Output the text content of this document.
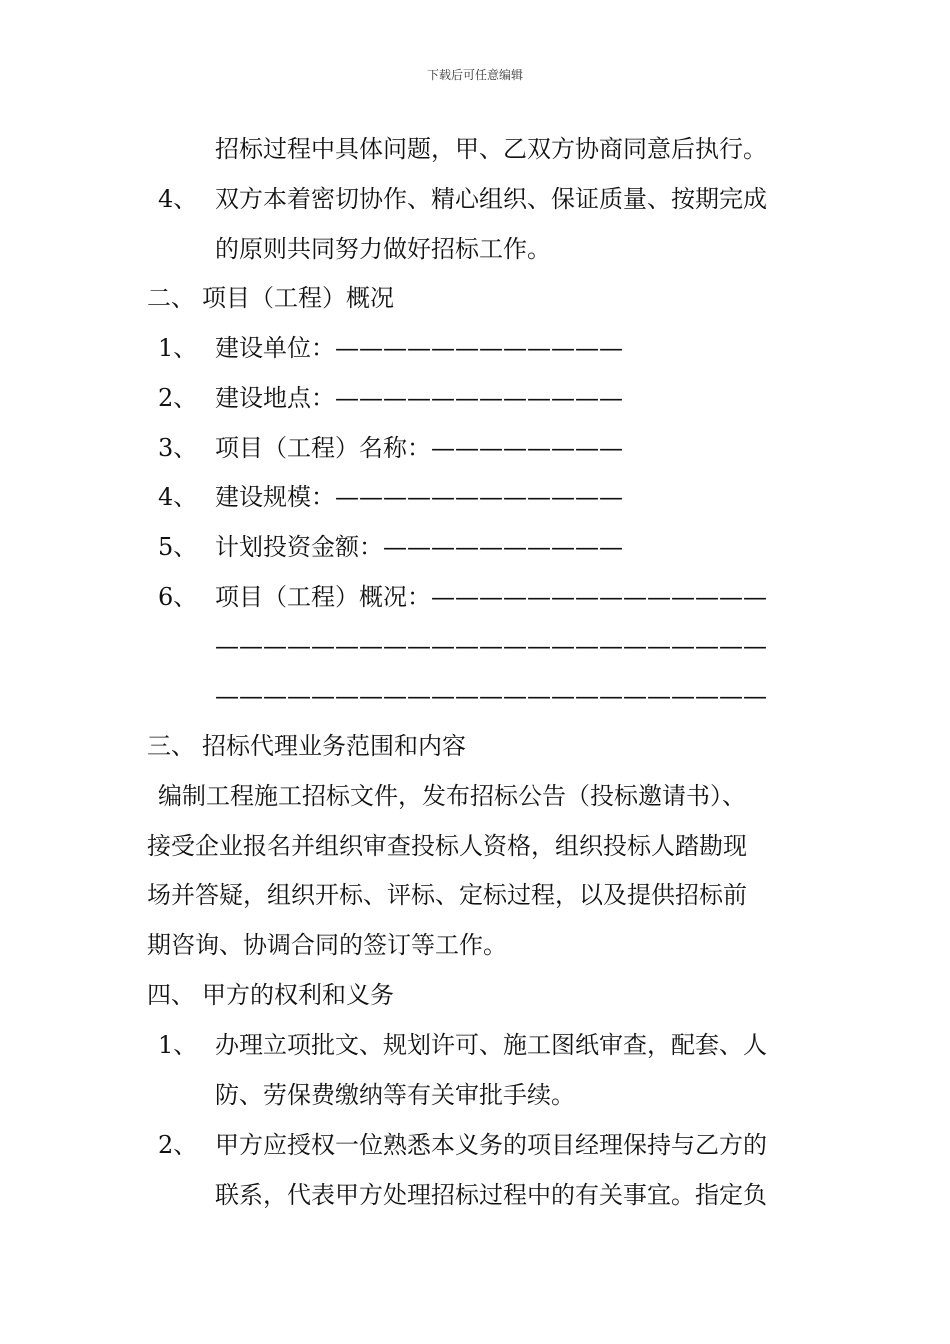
下载后可任意编辑
招标过程中具体问题，甲、乙双方协商同意后执行。
4、 双方本着密切协作、精心组织、保证质量、按期完成
的原则共同努力做好招标工作。
二、 项目（工程）概况
1、 建设单位：————————————
2、 建设地点：————————————
3、 项目（工程）名称：————————
4、 建设规模：————————————
5、 计划投资金额：——————————
6、 项目（工程）概况：——————————————
———————————————————————
———————————————————————
三、 招标代理业务范围和内容
编制工程施工招标文件，发布招标公告（投标邀请书）、
接受企业报名并组织审查投标人资格，组织投标人踏勘现
场并答疑，组织开标、评标、定标过程，以及提供招标前
期咨询、协调合同的签订等工作。
四、 甲方的权利和义务
1、 办理立项批文、规划许可、施工图纸审查，配套、人
防、劳保费缴纳等有关审批手续。
2、 甲方应授权一位熟悉本义务的项目经理保持与乙方的
联系，代表甲方处理招标过程中的有关事宜。指定负
